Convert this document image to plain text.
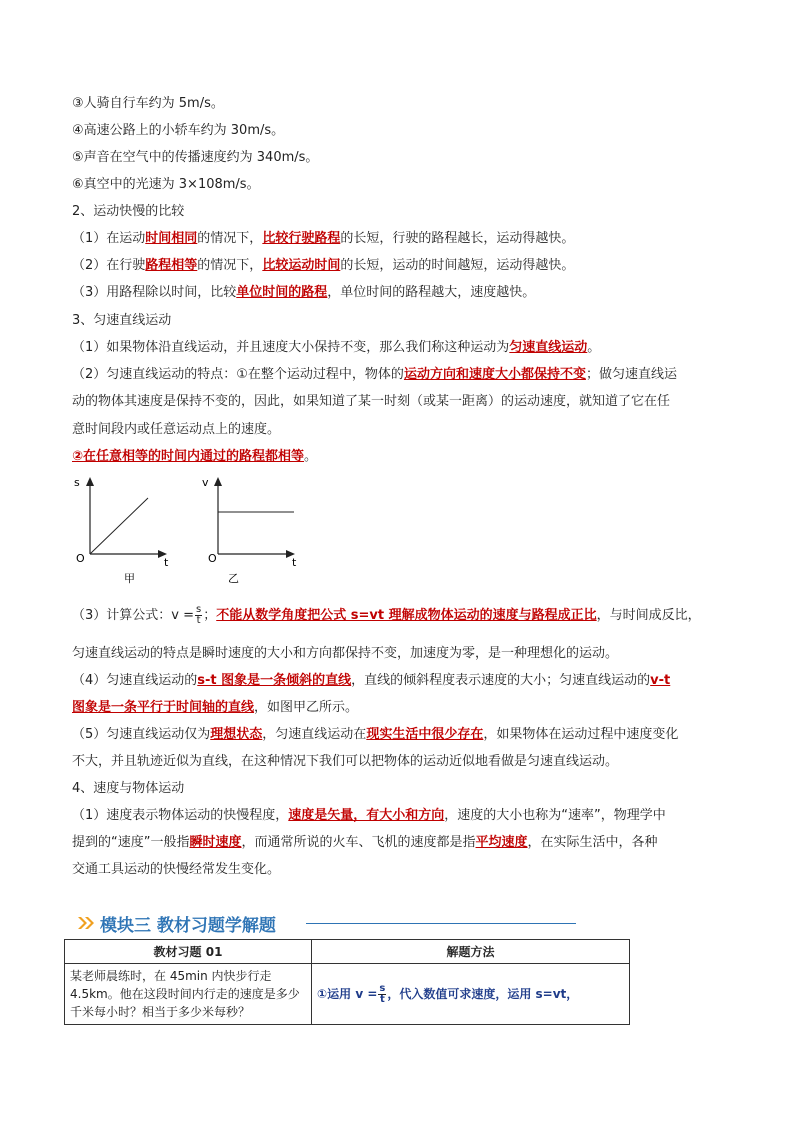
③人骑自行车约为 5m/s。
④高速公路上的小轿车约为 30m/s。
⑤声音在空气中的传播速度约为 340m/s。
⑥真空中的光速为 3×108m/s。
2、运动快慢的比较
（1）在运动时间相同的情况下，比较行驶路程的长短，行驶的路程越长，运动得越快。
（2）在行驶路程相等的情况下，比较运动时间的长短，运动的时间越短，运动得越快。
（3）用路程除以时间，比较单位时间的路程，单位时间的路程越大，速度越快。
3、匀速直线运动
（1）如果物体沿直线运动，并且速度大小保持不变，那么我们称这种运动为匀速直线运动。
（2）匀速直线运动的特点：①在整个运动过程中，物体的运动方向和速度大小都保持不变；做匀速直线运
动的物体其速度是保持不变的，因此，如果知道了某一时刻（或某一距离）的运动速度，就知道了它在任
意时间段内或任意运动点上的速度。
②在任意相等的时间内通过的路程都相等。
s
O	t
甲
v
O	t
乙
（3）计算公式：$v = \frac{s}{t}$ ；不能从数学角度把公式 s=vt 理解成物体运动的速度与路程成正比，与时间成反比，
匀速直线运动的特点是瞬时速度的大小和方向都保持不变，加速度为零，是一种理想化的运动。
（4）匀速直线运动的s-t 图象是一条倾斜的直线，直线的倾斜程度表示速度的大小；匀速直线运动的v-t
图象是一条平行于时间轴的直线，如图甲乙所示。
（5）匀速直线运动仅为理想状态，匀速直线运动在现实生活中很少存在，如果物体在运动过程中速度变化
不大，并且轨迹近似为直线，在这种情况下我们可以把物体的运动近似地看做是匀速直线运动。
4、速度与物体运动
（1）速度表示物体运动的快慢程度，速度是矢量，有大小和方向，速度的大小也称为“速率”，物理学中
提到的“速度”一般指瞬时速度，而通常所说的火车、飞机的速度都是指平均速度，在实际生活中，各种
交通工具运动的快慢经常发生变化。
模块三 教材习题学解题
教材习题 01	解题方法
某老师晨练时，在 45min 内快步行走 4.5km。他在这段时间内行走的速度是多少千米每小时？相当于多少米每秒？	①运用 $v = \frac{s}{t}$ ，代入数值可求速度，运用 s=vt，
